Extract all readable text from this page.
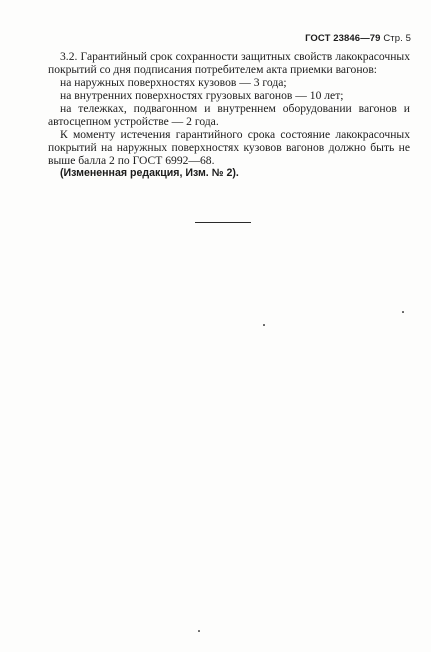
ГОСТ 23846—79 Стр. 5

3.2. Гарантийный срок сохранности защитных свойств лакокрасочных покрытий со дня подписания потребителем акта приемки вагонов:

на наружных поверхностях кузовов — 3 года;

на внутренних поверхностях грузовых вагонов — 10 лет;

на тележках, подвагонном и внутреннем оборудовании вагонов и автосцепном устройстве — 2 года.

К моменту истечения гарантийного срока состояние лакокрасочных покрытий на наружных поверхностях кузовов вагонов должно быть не выше балла 2 по ГОСТ 6992—68.

(Измененная редакция, Изм. № 2).
